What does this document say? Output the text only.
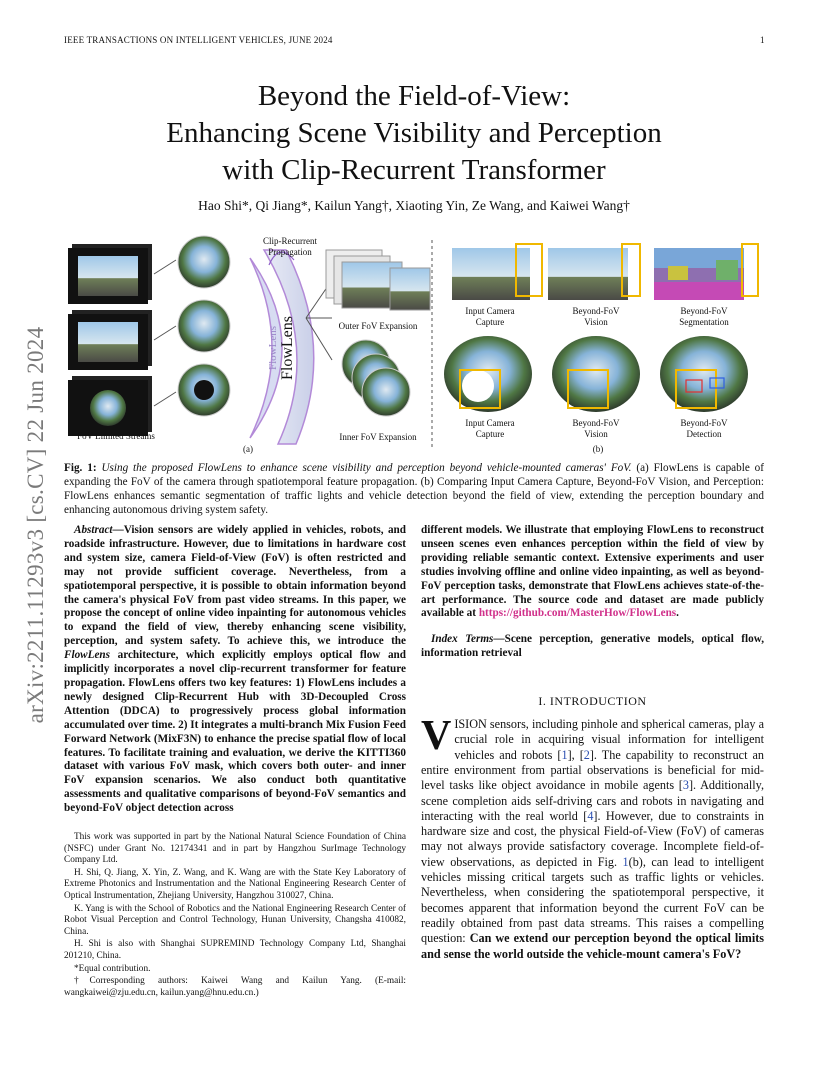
IEEE TRANSACTIONS ON INTELLIGENT VEHICLES, JUNE 2024	1
arXiv:2211.11293v3 [cs.CV] 22 Jun 2024
Beyond the Field-of-View:
Enhancing Scene Visibility and Perception
with Clip-Recurrent Transformer
Hao Shi*, Qi Jiang*, Kailun Yang†, Xiaoting Yin, Ze Wang, and Kaiwei Wang†
FoV Limited Streams
FlowLens
FlowLens
Clip-Recurrent
Propagation
Outer FoV Expansion
Inner FoV Expansion
(a)
Input Camera
Capture
Beyond-FoV
Vision
Beyond-FoV
Segmentation
Input Camera
Capture
Beyond-FoV
Vision
Beyond-FoV
Detection
(b)
Fig. 1: Using the proposed FlowLens to enhance scene visibility and perception beyond vehicle-mounted cameras' FoV. (a) FlowLens is capable of expanding the FoV of the camera through spatiotemporal feature propagation. (b) Comparing Input Camera Capture, Beyond-FoV Vision, and Perception: FlowLens enhances semantic segmentation of traffic lights and vehicle detection beyond the field of view, extending the perception boundary and enhancing autonomous driving system safety.
Abstract—Vision sensors are widely applied in vehicles, robots, and roadside infrastructure. However, due to limitations in hardware cost and system size, camera Field-of-View (FoV) is often restricted and may not provide sufficient coverage. Nevertheless, from a spatiotemporal perspective, it is possible to obtain information beyond the camera's physical FoV from past video streams. In this paper, we propose the concept of online video inpainting for autonomous vehicles to expand the field of view, thereby enhancing scene visibility, perception, and system safety. To achieve this, we introduce the FlowLens architecture, which explicitly employs optical flow and implicitly incorporates a novel clip-recurrent transformer for feature propagation. FlowLens offers two key features: 1) FlowLens includes a newly designed Clip-Recurrent Hub with 3D-Decoupled Cross Attention (DDCA) to progressively process global information accumulated over time. 2) It integrates a multi-branch Mix Fusion Feed Forward Network (MixF3N) to enhance the precise spatial flow of local features. To facilitate training and evaluation, we derive the KITTI360 dataset with various FoV mask, which covers both outer- and inner FoV expansion scenarios. We also conduct both quantitative assessments and qualitative comparisons of beyond-FoV semantics and beyond-FoV object detection across

This work was supported in part by the National Natural Science Foundation of China (NSFC) under Grant No. 12174341 and in part by Hangzhou SurImage Technology Company Ltd.

H. Shi, Q. Jiang, X. Yin, Z. Wang, and K. Wang are with the State Key Laboratory of Extreme Photonics and Instrumentation and the National Engineering Research Center of Optical Instrumentation, Zhejiang University, Hangzhou 310027, China.

K. Yang is with the School of Robotics and the National Engineering Research Center of Robot Visual Perception and Control Technology, Hunan University, Changsha 410082, China.

H. Shi is also with Shanghai SUPREMIND Technology Company Ltd, Shanghai 201210, China.

*Equal contribution.

†Corresponding authors: Kaiwei Wang and Kailun Yang. (E-mail: wangkaiwei@zju.edu.cn, kailun.yang@hnu.edu.cn.)

different models. We illustrate that employing FlowLens to reconstruct unseen scenes even enhances perception within the field of view by providing reliable semantic context. Extensive experiments and user studies involving offline and online video inpainting, as well as beyond-FoV perception tasks, demonstrate that FlowLens achieves state-of-the-art performance. The source code and dataset are made publicly available at https://github.com/MasterHow/FlowLens.
Index Terms—Scene perception, generative models, optical flow, information retrieval
I. INTRODUCTION
VISION sensors, including pinhole and spherical cameras, play a crucial role in acquiring visual information for intelligent vehicles and robots [1], [2]. The capability to reconstruct an entire environment from partial observations is beneficial for mid-level tasks like object avoidance in mobile agents [3]. Additionally, scene completion aids self-driving cars and robots in navigating and interacting with the real world [4]. However, due to constraints in hardware size and cost, the physical Field-of-View (FoV) of cameras may not always provide satisfactory coverage. Incomplete field-of-view observations, as depicted in Fig. 1(b), can lead to intelligent vehicles missing critical targets such as traffic lights or vehicles. Nevertheless, when considering the spatiotemporal perspective, it becomes apparent that information beyond the current FoV can be readily obtained from past data streams. This raises a compelling question: Can we extend our perception beyond the optical limits and sense the world outside the vehicle-mount camera's FoV?
